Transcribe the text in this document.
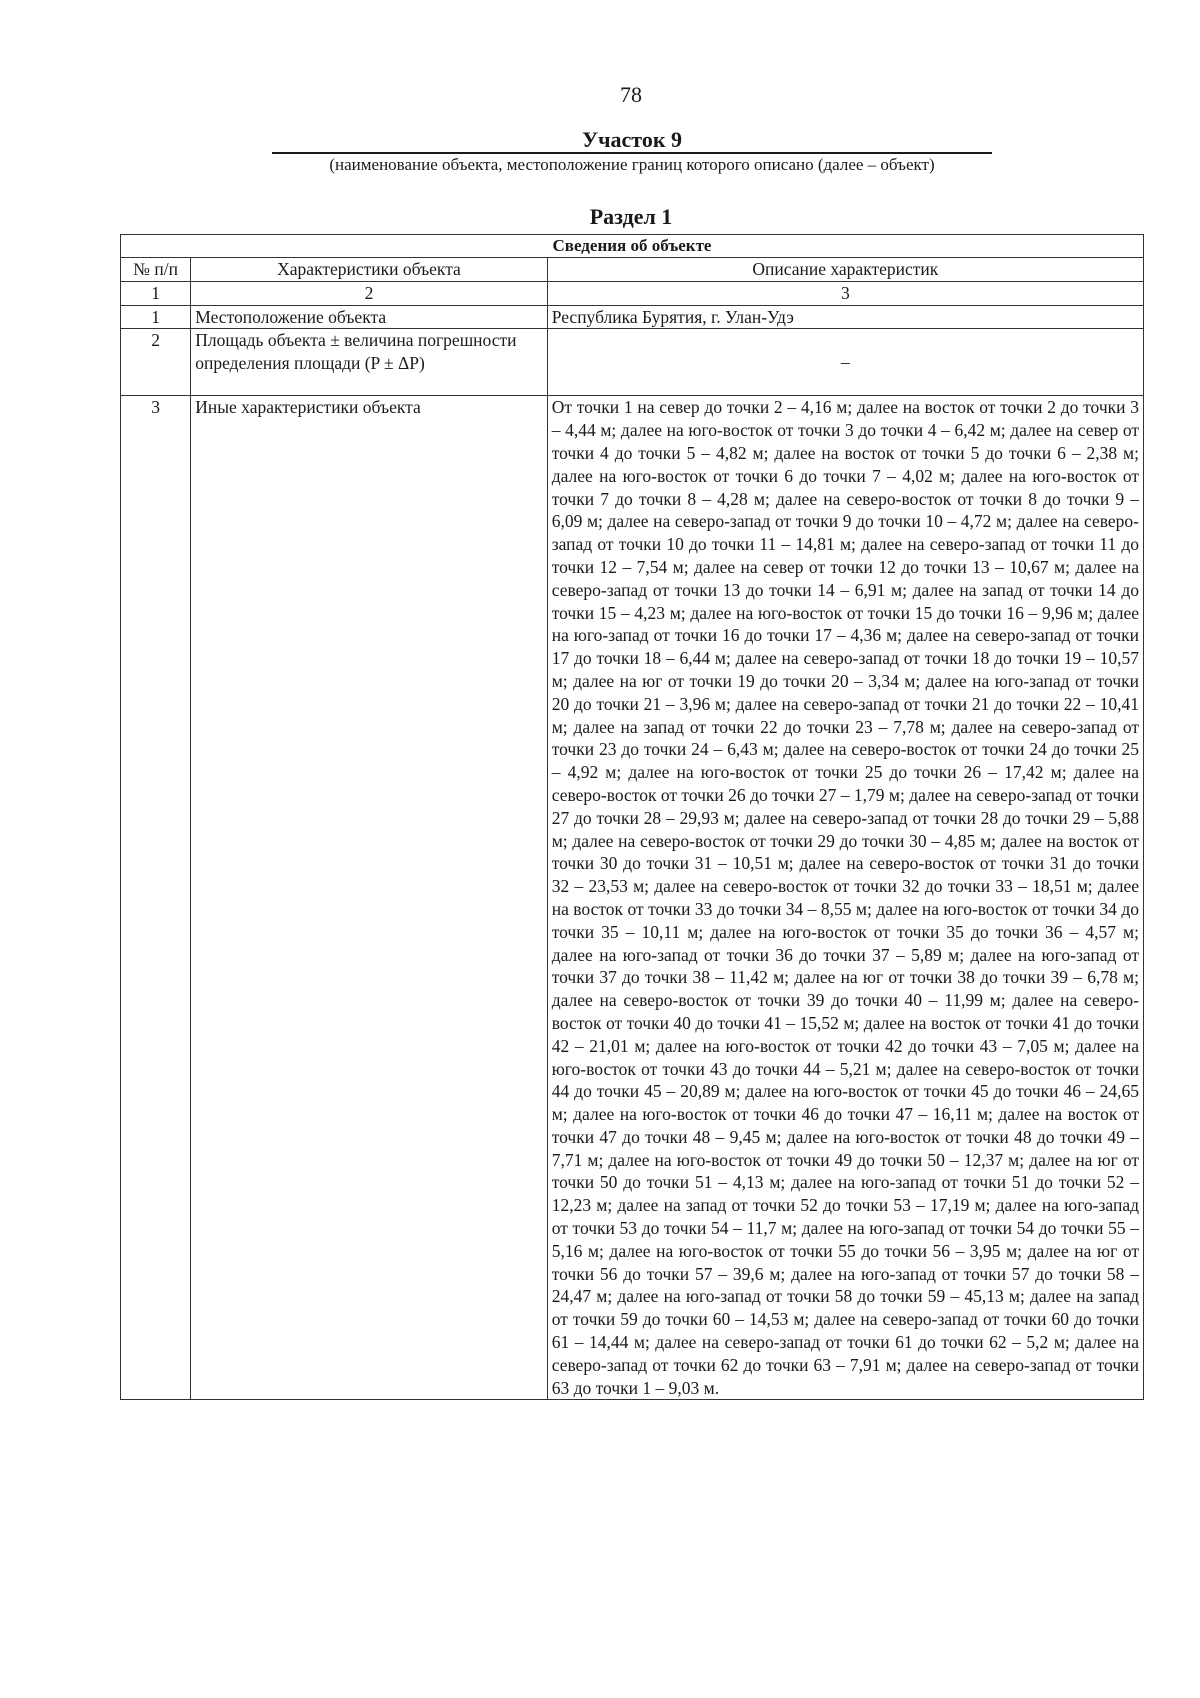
78
Участок 9
(наименование объекта, местоположение границ которого описано (далее – объект)
Раздел 1
Сведения об объекте		
№ п/п	Характеристики объекта	Описание характеристик
1	2	3
1	Местоположение объекта	Республика Бурятия, г. Улан-Удэ
2	Площадь объекта ± величина погрешности определения площади (P ± ΔP)	–
3	Иные характеристики объекта	От точки 1 на север до точки 2 – 4,16 м; далее на восток от точки 2 до точки 3 – 4,44 м; далее на юго-восток от точки 3 до точки 4 – 6,42 м; далее на север от точки 4 до точки 5 – 4,82 м; далее на восток от точки 5 до точки 6 – 2,38 м; далее на юго-восток от точки 6 до точки 7 – 4,02 м; далее на юго-восток от точки 7 до точки 8 – 4,28 м; далее на северо-восток от точки 8 до точки 9 – 6,09 м; далее на северо-запад от точки 9 до точки 10 – 4,72 м; далее на северо-запад от точки 10 до точки 11 – 14,81 м; далее на северо-запад от точки 11 до точки 12 – 7,54 м; далее на север от точки 12 до точки 13 – 10,67 м; далее на северо-запад от точки 13 до точки 14 – 6,91 м; далее на запад от точки 14 до точки 15 – 4,23 м; далее на юго-восток от точки 15 до точки 16 – 9,96 м; далее на юго-запад от точки 16 до точки 17 – 4,36 м; далее на северо-запад от точки 17 до точки 18 – 6,44 м; далее на северо-запад от точки 18 до точки 19 – 10,57 м; далее на юг от точки 19 до точки 20 – 3,34 м; далее на юго-запад от точки 20 до точки 21 – 3,96 м; далее на северо-запад от точки 21 до точки 22 – 10,41 м; далее на запад от точки 22 до точки 23 – 7,78 м; далее на северо-запад от точки 23 до точки 24 – 6,43 м; далее на северо-восток от точки 24 до точки 25 – 4,92 м; далее на юго-восток от точки 25 до точки 26 – 17,42 м; далее на северо-восток от точки 26 до точки 27 – 1,79 м; далее на северо-запад от точки 27 до точки 28 – 29,93 м; далее на северо-запад от точки 28 до точки 29 – 5,88 м; далее на северо-восток от точки 29 до точки 30 – 4,85 м; далее на восток от точки 30 до точки 31 – 10,51 м; далее на северо-восток от точки 31 до точки 32 – 23,53 м; далее на северо-восток от точки 32 до точки 33 – 18,51 м; далее на восток от точки 33 до точки 34 – 8,55 м; далее на юго-восток от точки 34 до точки 35 – 10,11 м; далее на юго-восток от точки 35 до точки 36 – 4,57 м; далее на юго-запад от точки 36 до точки 37 – 5,89 м; далее на юго-запад от точки 37 до точки 38 – 11,42 м; далее на юг от точки 38 до точки 39 – 6,78 м; далее на северо-восток от точки 39 до точки 40 – 11,99 м; далее на северо-восток от точки 40 до точки 41 – 15,52 м; далее на восток от точки 41 до точки 42 – 21,01 м; далее на юго-восток от точки 42 до точки 43 – 7,05 м; далее на юго-восток от точки 43 до точки 44 – 5,21 м; далее на северо-восток от точки 44 до точки 45 – 20,89 м; далее на юго-восток от точки 45 до точки 46 – 24,65 м; далее на юго-восток от точки 46 до точки 47 – 16,11 м; далее на восток от точки 47 до точки 48 – 9,45 м; далее на юго-восток от точки 48 до точки 49 – 7,71 м; далее на юго-восток от точки 49 до точки 50 – 12,37 м; далее на юг от точки 50 до точки 51 – 4,13 м; далее на юго-запад от точки 51 до точки 52 – 12,23 м; далее на запад от точки 52 до точки 53 – 17,19 м; далее на юго-запад от точки 53 до точки 54 – 11,7 м; далее на юго-запад от точки 54 до точки 55 – 5,16 м; далее на юго-восток от точки 55 до точки 56 – 3,95 м; далее на юг от точки 56 до точки 57 – 39,6 м; далее на юго-запад от точки 57 до точки 58 – 24,47 м; далее на юго-запад от точки 58 до точки 59 – 45,13 м; далее на запад от точки 59 до точки 60 – 14,53 м; далее на северо-запад от точки 60 до точки 61 – 14,44 м; далее на северо-запад от точки 61 до точки 62 – 5,2 м; далее на северо-запад от точки 62 до точки 63 – 7,91 м; далее на северо-запад от точки 63 до точки 1 – 9,03 м.
